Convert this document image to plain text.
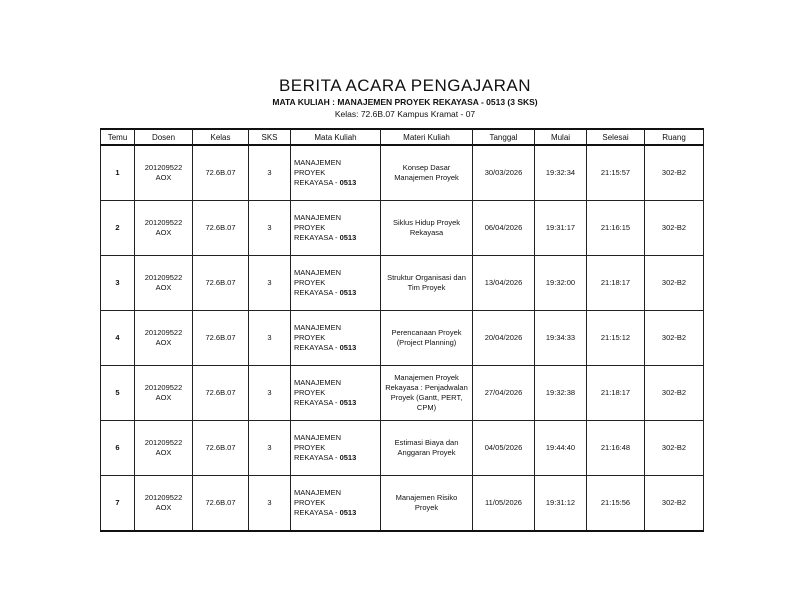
BERITA ACARA PENGAJARAN
MATA KULIAH : MANAJEMEN PROYEK REKAYASA - 0513 (3 SKS)
Kelas: 72.6B.07 Kampus Kramat - 07
Temu	Dosen	Kelas	SKS	Mata Kuliah	Materi Kuliah	Tanggal	Mulai	Selesai	Ruang
1	201209522
AOX	72.6B.07	3	MANAJEMEN
PROYEK
REKAYASA - 0513	Konsep Dasar Manajemen Proyek	30/03/2026	19:32:34	21:15:57	302-B2
2	201209522
AOX	72.6B.07	3	MANAJEMEN
PROYEK
REKAYASA - 0513	Siklus Hidup Proyek Rekayasa	06/04/2026	19:31:17	21:16:15	302-B2
3	201209522
AOX	72.6B.07	3	MANAJEMEN
PROYEK
REKAYASA - 0513	Struktur Organisasi dan Tim Proyek	13/04/2026	19:32:00	21:18:17	302-B2
4	201209522
AOX	72.6B.07	3	MANAJEMEN
PROYEK
REKAYASA - 0513	Perencanaan Proyek (Project Planning)	20/04/2026	19:34:33	21:15:12	302-B2
5	201209522
AOX	72.6B.07	3	MANAJEMEN
PROYEK
REKAYASA - 0513	Manajemen Proyek Rekayasa : Penjadwalan Proyek (Gantt, PERT, CPM)	27/04/2026	19:32:38	21:18:17	302-B2
6	201209522
AOX	72.6B.07	3	MANAJEMEN
PROYEK
REKAYASA - 0513	Estimasi Biaya dan Anggaran Proyek	04/05/2026	19:44:40	21:16:48	302-B2
7	201209522
AOX	72.6B.07	3	MANAJEMEN
PROYEK
REKAYASA - 0513	Manajemen Risiko Proyek	11/05/2026	19:31:12	21:15:56	302-B2
